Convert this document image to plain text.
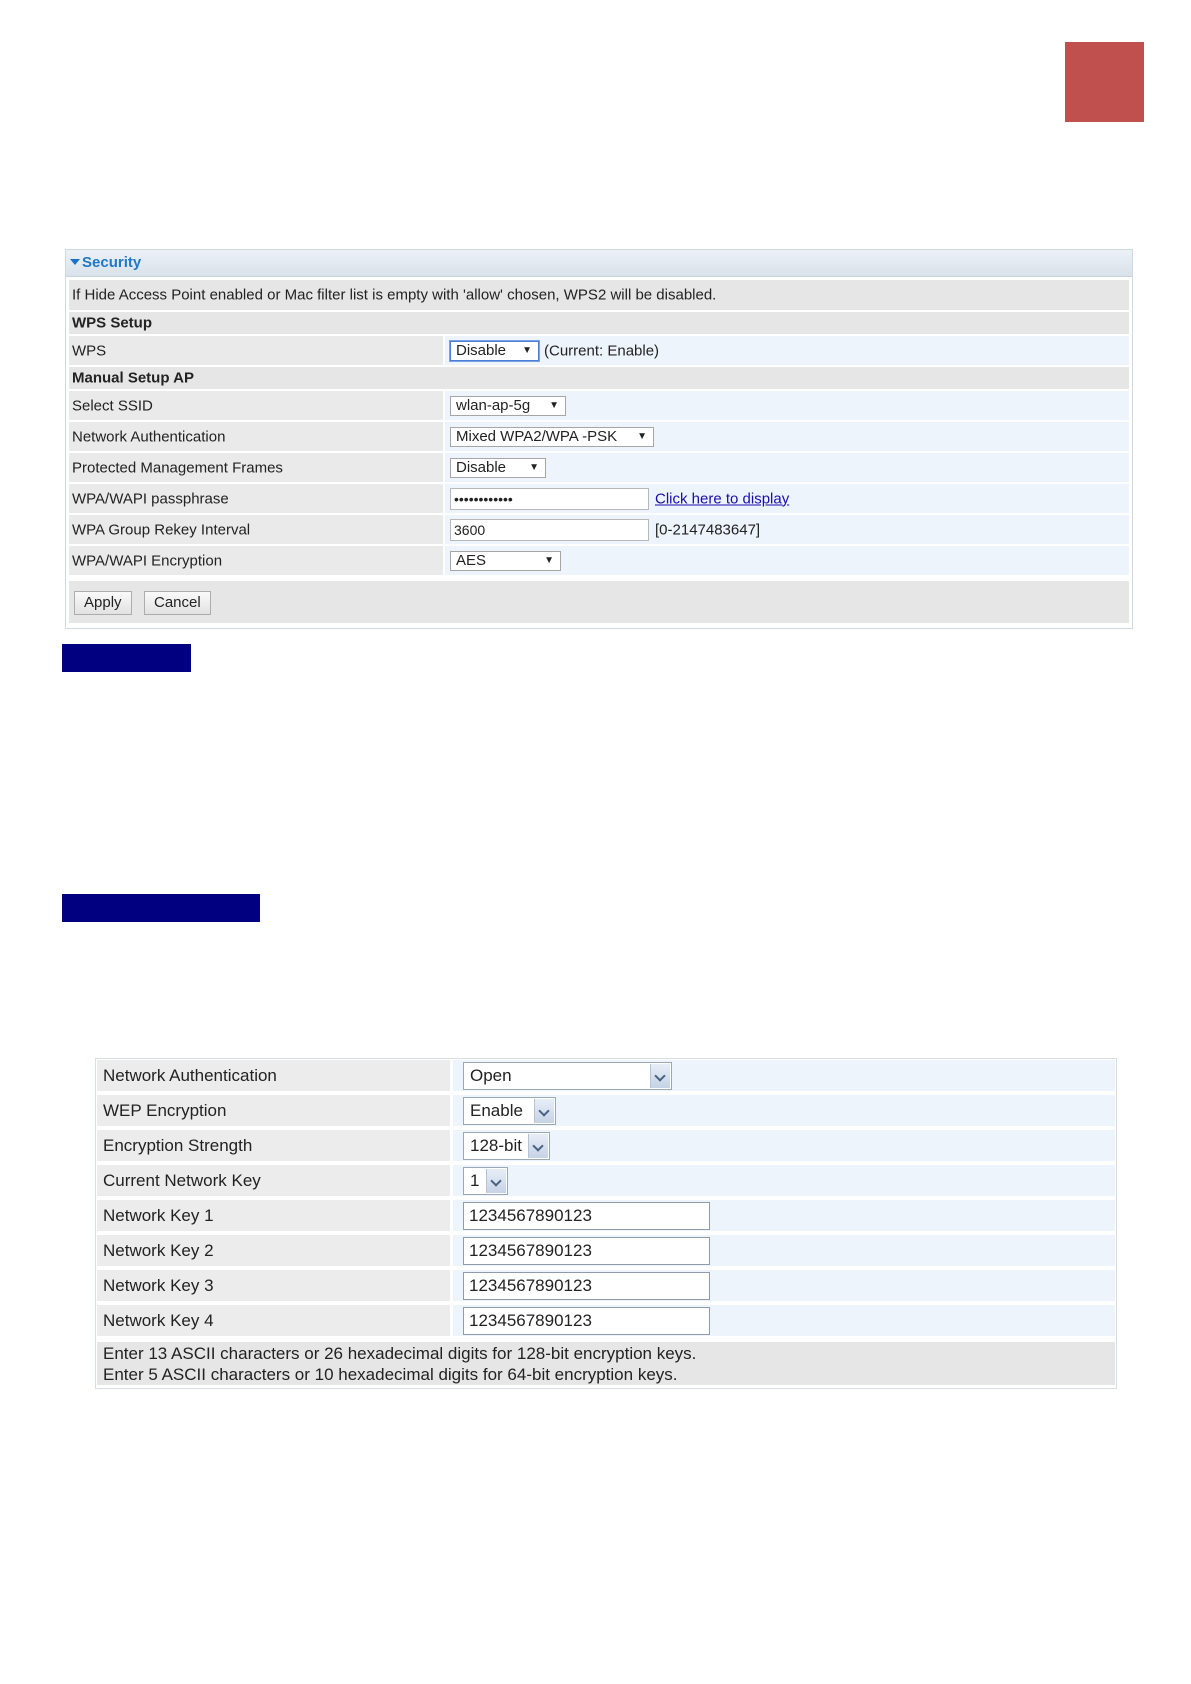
Security
If Hide Access Point enabled or Mac filter list is empty with 'allow' chosen, WPS2 will be disabled.
WPS Setup
WPS	Disable ▼ (Current: Enable)
Manual Setup AP
Select SSID	wlan-ap-5g ▼
Network Authentication	Mixed WPA2/WPA -PSK ▼
Protected Management Frames	Disable ▼
WPA/WAPI passphrase	••••••••••••	Click here to display
WPA Group Rekey Interval	3600	[0-2147483647]
WPA/WAPI Encryption	AES	▼
Apply	Cancel
Network Authentication	Open
WEP Encryption	Enable
Encryption Strength	128-bit
Current Network Key	1
Network Key 1	1234567890123
Network Key 2	1234567890123
Network Key 3	1234567890123
Network Key 4	1234567890123
Enter 13 ASCII characters or 26 hexadecimal digits for 128-bit encryption keys.
Enter 5 ASCII characters or 10 hexadecimal digits for 64-bit encryption keys.
